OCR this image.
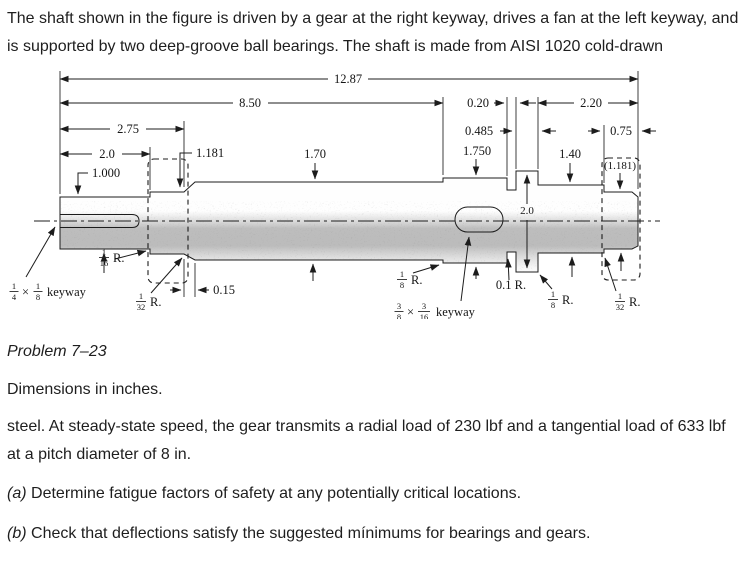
The shaft shown in the figure is driven by a gear at the right keyway, drives a fan at the left keyway, and is supported by two deep-groove ball bearings. The shaft is made from AISI 1020 cold-drawn

12.87
8.50
2.75
2.0
1.000
1.181	1.70
0.20	2.20
0.485	0.75
1.750	1.40
(1.181)
2.0
0.15
1
16 R.
1
32 R.
1
8 R.	0.1 R.
1
8 R.	1
32 R.
1
4 × 1
8 keyway
3
8 × 3
16 keyway

Problem 7–23

Dimensions in inches.

steel. At steady-state speed, the gear transmits a radial load of 230 lbf and a tangential load of 633 lbf at a pitch diameter of 8 in.

(a) Determine fatigue factors of safety at any potentially critical locations.

(b) Check that deflections satisfy the suggested mínimums for bearings and gears.
